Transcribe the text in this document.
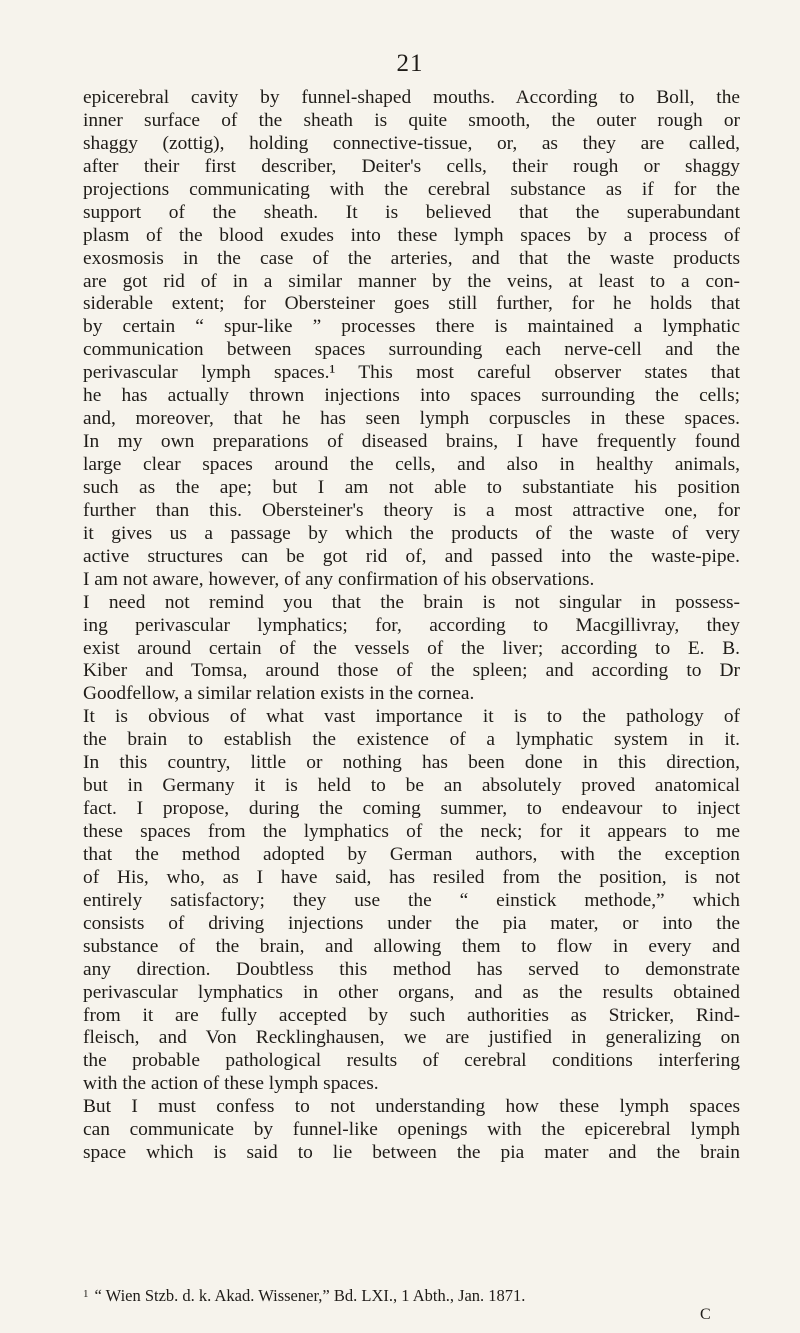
21
epicerebral cavity by funnel-shaped mouths. According to Boll, the
inner surface of the sheath is quite smooth, the outer rough or
shaggy (zottig), holding connective-tissue, or, as they are called,
after their first describer, Deiter's cells, their rough or shaggy
projections communicating with the cerebral substance as if for the
support of the sheath. It is believed that the superabundant
plasm of the blood exudes into these lymph spaces by a process of
exosmosis in the case of the arteries, and that the waste products
are got rid of in a similar manner by the veins, at least to a con-
siderable extent; for Obersteiner goes still further, for he holds that
by certain “ spur-like ” processes there is maintained a lymphatic
communication between spaces surrounding each nerve-cell and the
perivascular lymph spaces.¹ This most careful observer states that
he has actually thrown injections into spaces surrounding the cells;
and, moreover, that he has seen lymph corpuscles in these spaces.
In my own preparations of diseased brains, I have frequently found
large clear spaces around the cells, and also in healthy animals,
such as the ape; but I am not able to substantiate his position
further than this. Obersteiner's theory is a most attractive one, for
it gives us a passage by which the products of the waste of very
active structures can be got rid of, and passed into the waste-pipe.
I am not aware, however, of any confirmation of his observations.
I need not remind you that the brain is not singular in possess-
ing perivascular lymphatics; for, according to Macgillivray, they
exist around certain of the vessels of the liver; according to E. B.
Kiber and Tomsa, around those of the spleen; and according to Dr
Goodfellow, a similar relation exists in the cornea.
It is obvious of what vast importance it is to the pathology of
the brain to establish the existence of a lymphatic system in it.
In this country, little or nothing has been done in this direction,
but in Germany it is held to be an absolutely proved anatomical
fact. I propose, during the coming summer, to endeavour to inject
these spaces from the lymphatics of the neck; for it appears to me
that the method adopted by German authors, with the exception
of His, who, as I have said, has resiled from the position, is not
entirely satisfactory; they use the “ einstick methode,” which
consists of driving injections under the pia mater, or into the
substance of the brain, and allowing them to flow in every and
any direction. Doubtless this method has served to demonstrate
perivascular lymphatics in other organs, and as the results obtained
from it are fully accepted by such authorities as Stricker, Rind-
fleisch, and Von Recklinghausen, we are justified in generalizing on
the probable pathological results of cerebral conditions interfering
with the action of these lymph spaces.
But I must confess to not understanding how these lymph spaces
can communicate by funnel-like openings with the epicerebral lymph
space which is said to lie between the pia mater and the brain
$^1$ “ Wien Stzb. d. k. Akad. Wissener,” Bd. LXI., 1 Abth., Jan. 1871.
C
